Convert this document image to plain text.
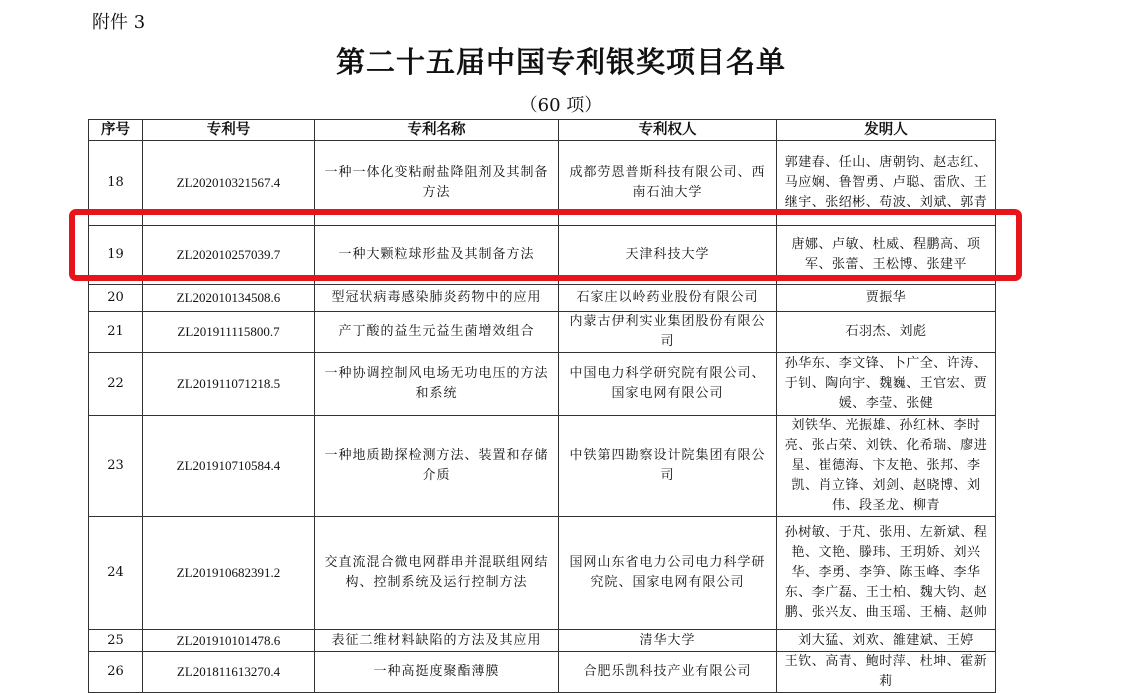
附件 3
第二十五届中国专利银奖项目名单
（60 项）
序号	专利号	专利名称	专利权人	发明人
18	ZL202010321567.4	一种一体化变粘耐盐降阻剂及其制备方法	成都劳恩普斯科技有限公司、西南石油大学	郭建春、任山、唐朝钧、赵志红、马应娴、鲁智勇、卢聪、雷欣、王继宇、张绍彬、苟波、刘斌、郭青
19	ZL202010257039.7	一种大颗粒球形盐及其制备方法	天津科技大学	唐娜、卢敏、杜威、程鹏高、项军、张蕾、王松博、张建平
20	ZL202010134508.6	型冠状病毒感染肺炎药物中的应用	石家庄以岭药业股份有限公司	贾振华
21	ZL201911115800.7	产丁酸的益生元益生菌增效组合	内蒙古伊利实业集团股份有限公司	石羽杰、刘彪
22	ZL201911071218.5	一种协调控制风电场无功电压的方法和系统	中国电力科学研究院有限公司、国家电网有限公司	孙华东、李文锋、卜广全、许涛、于钊、陶向宇、魏巍、王官宏、贾媛、李莹、张健
23	ZL201910710584.4	一种地质勘探检测方法、装置和存储介质	中铁第四勘察设计院集团有限公司	刘铁华、光振雄、孙红林、李时亮、张占荣、刘铁、化希瑞、廖进星、崔德海、卞友艳、张邦、李凯、肖立锋、刘剑、赵晓博、刘伟、段圣龙、柳青
24	ZL201910682391.2	交直流混合微电网群串并混联组网结构、控制系统及运行控制方法	国网山东省电力公司电力科学研究院、国家电网有限公司	孙树敏、于芃、张用、左新斌、程艳、文艳、滕玮、王玥娇、刘兴华、李勇、李笋、陈玉峰、李华东、李广磊、王士柏、魏大钧、赵鹏、张兴友、曲玉瑶、王楠、赵帅
25	ZL201910101478.6	表征二维材料缺陷的方法及其应用	清华大学	刘大猛、刘欢、雒建斌、王婷
26	ZL201811613270.4	一种高挺度聚酯薄膜	合肥乐凯科技产业有限公司	王钦、高青、鲍时萍、杜坤、霍新莉
